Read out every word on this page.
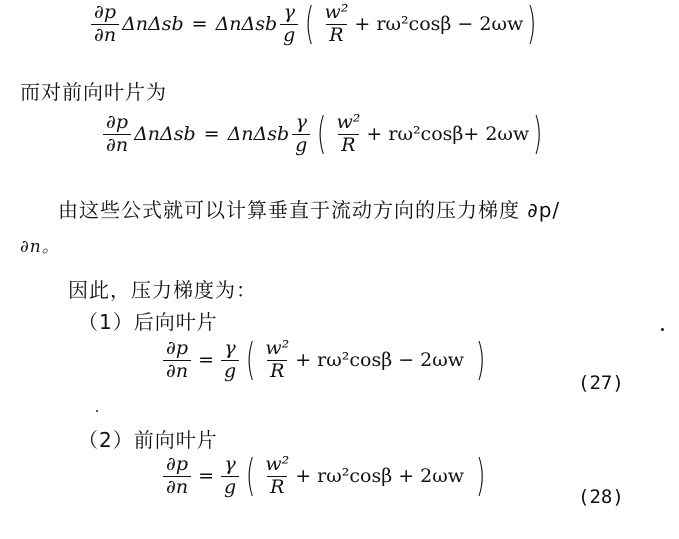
$\frac{\partial p}{\partial n}$ ΔnΔsb = ΔnΔsb $\frac{\gamma}{g}$ ( $\frac{\text{w²}}{R} + r\omega^2\cos\beta - 2\omega w$ )
而对前向叶片为
$\frac{\partial p}{\partial n}$ ΔnΔsb = ΔnΔsb $\frac{\gamma}{g}$ ( $\frac{\text{w²}}{R} + r\omega^2\cos\beta+ 2\omega w$ )
由这些公式就可以计算垂直于流动方向的压力梯度 ∂p/
∂n。
因此，压力梯度为：
（1）后向叶片
$\frac{\partial p}{\partial n} = \frac{\gamma}{g}$ ( $\frac{\text{w²}}{R} + r\omega^2\cos\beta - 2\omega w$ )	(27)
（2）前向叶片
$\frac{\partial p}{\partial n} = \frac{\gamma}{g}$ ( $\frac{\text{w²}}{R} + r\omega^2\cos\beta + 2\omega w$ )	(28)
